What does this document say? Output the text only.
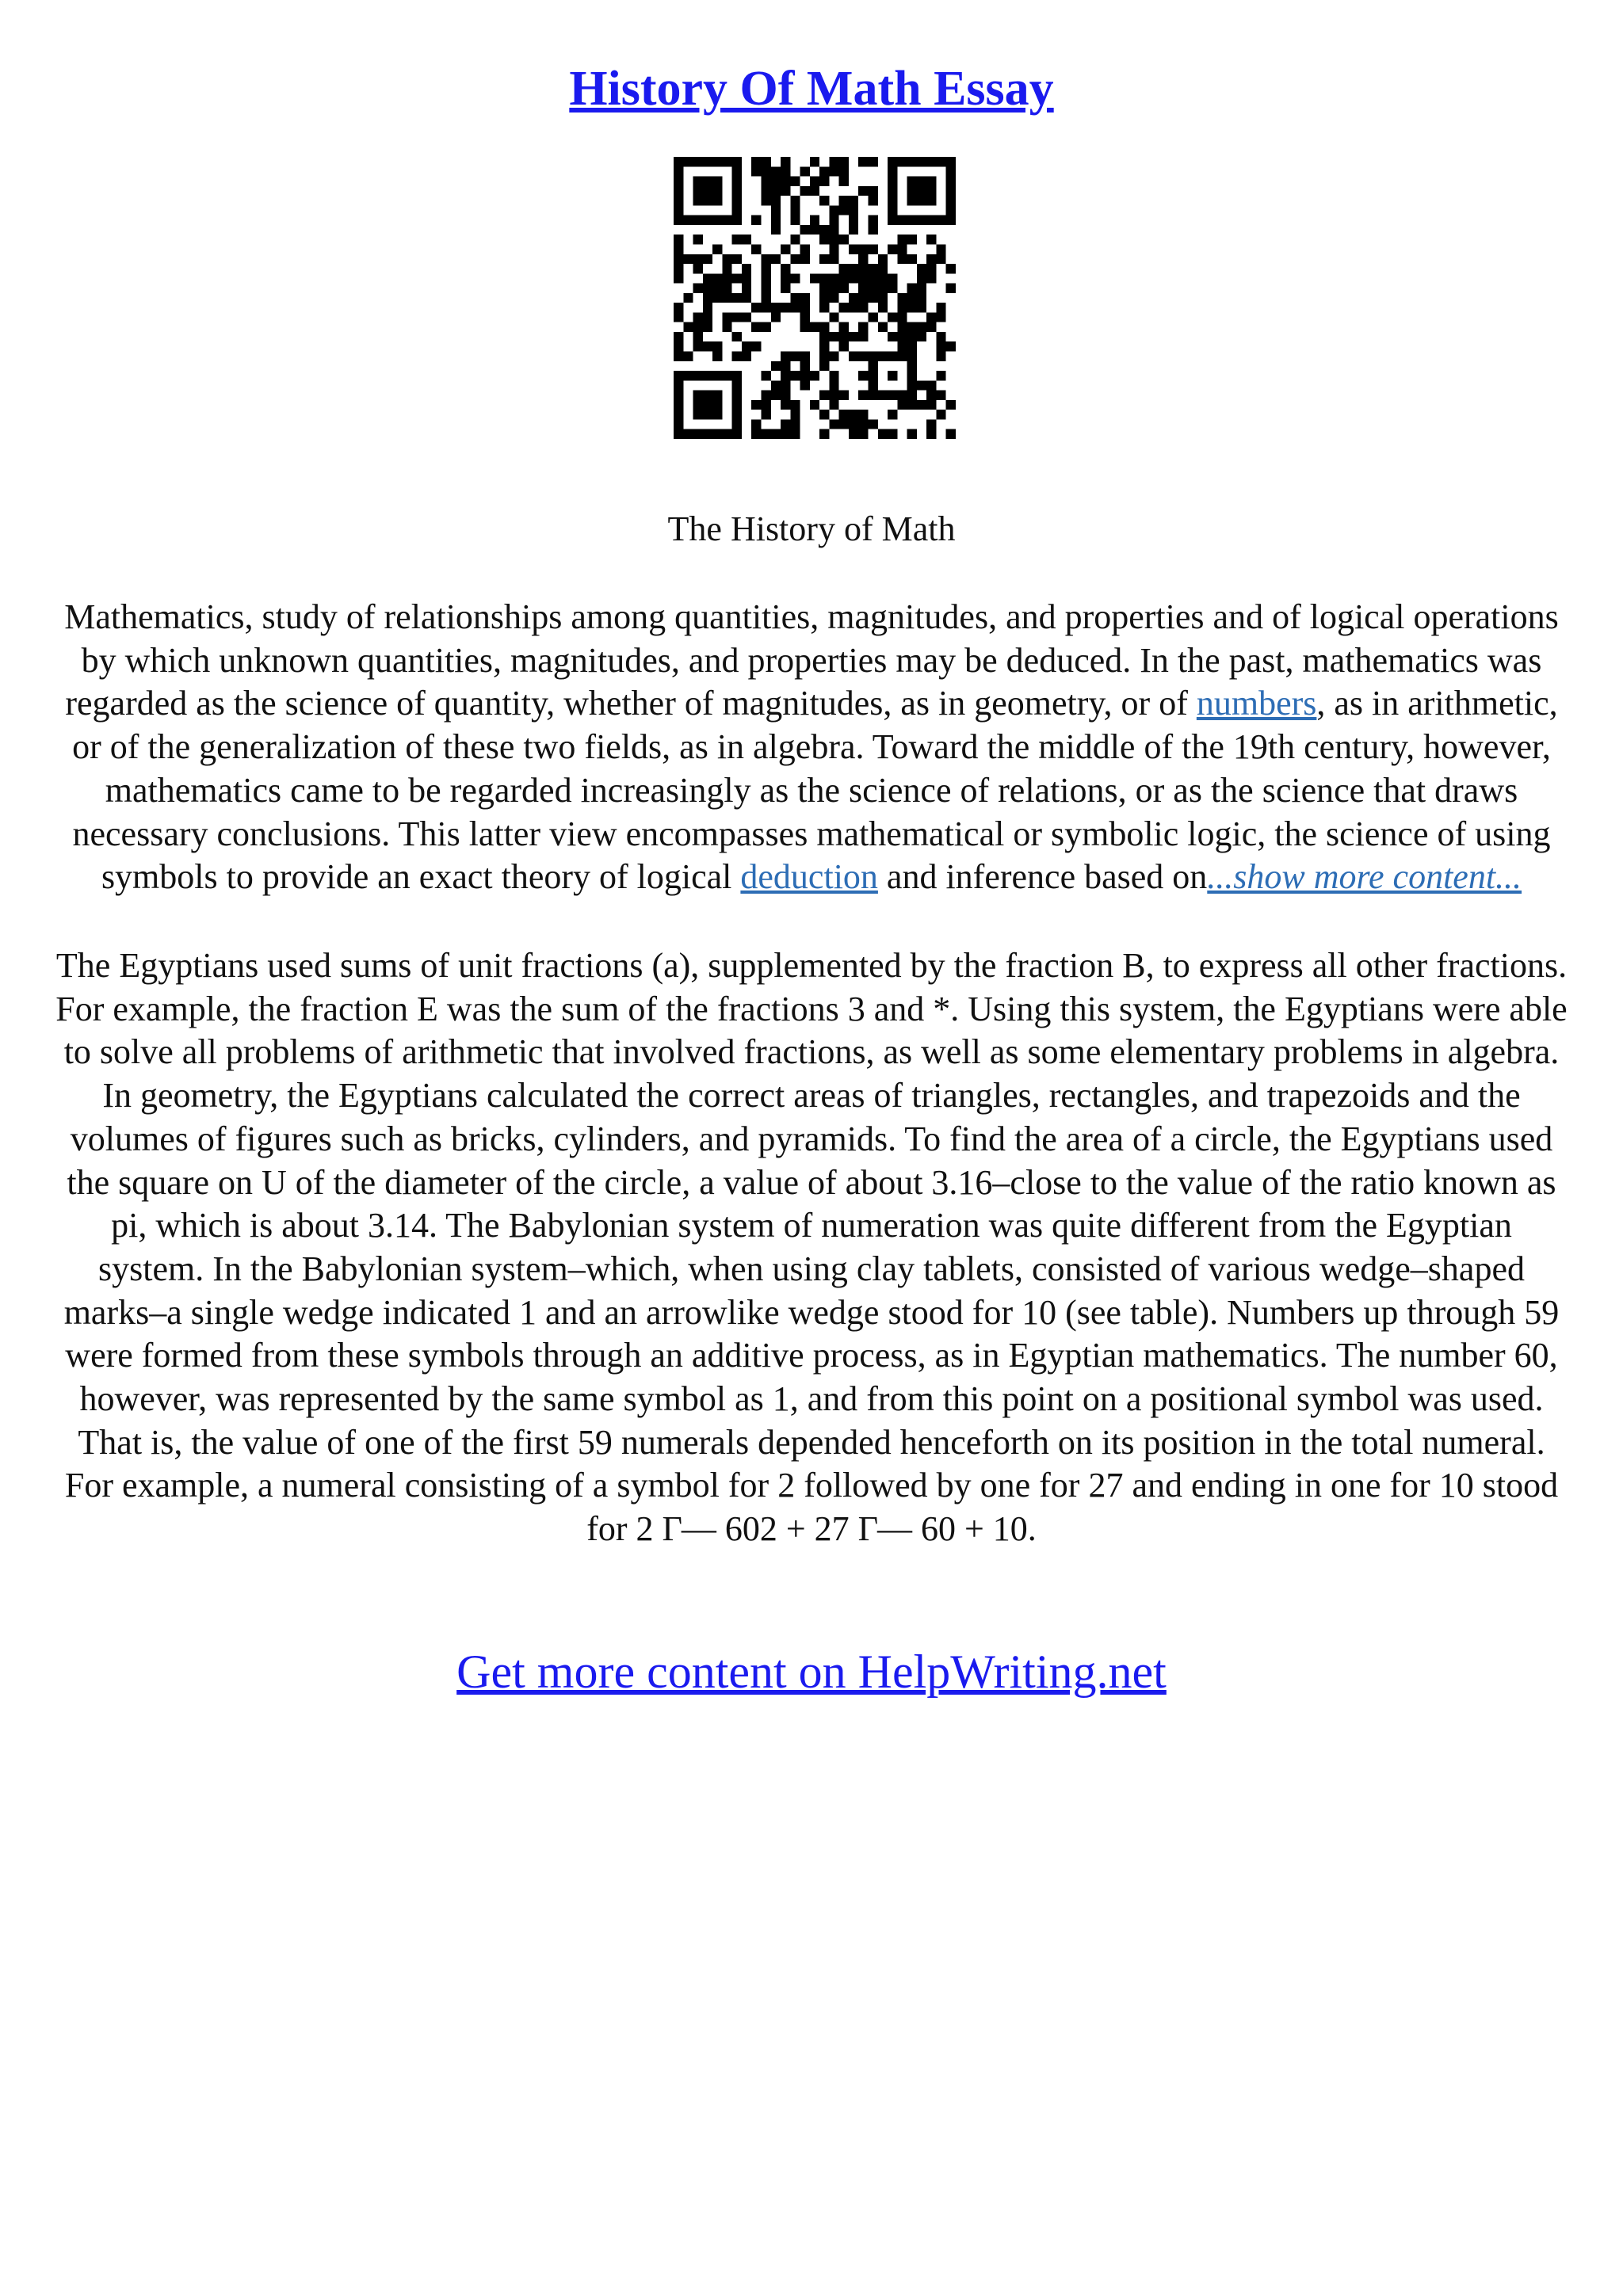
History Of Math Essay
The History of Math

Mathematics, study of relationships among quantities, magnitudes, and properties and of logical operations by which unknown quantities, magnitudes, and properties may be deduced. In the past, mathematics was regarded as the science of quantity, whether of magnitudes, as in geometry, or of numbers, as in arithmetic, or of the generalization of these two fields, as in algebra. Toward the middle of the 19th century, however, mathematics came to be regarded increasingly as the science of relations, or as the science that draws necessary conclusions. This latter view encompasses mathematical or symbolic logic, the science of using symbols to provide an exact theory of logical deduction and inference based on...show more content...

The Egyptians used sums of unit fractions (a), supplemented by the fraction B, to express all other fractions. For example, the fraction E was the sum of the fractions 3 and *. Using this system, the Egyptians were able to solve all problems of arithmetic that involved fractions, as well as some elementary problems in algebra. In geometry, the Egyptians calculated the correct areas of triangles, rectangles, and trapezoids and the volumes of figures such as bricks, cylinders, and pyramids. To find the area of a circle, the Egyptians used the square on U of the diameter of the circle, a value of about 3.16–close to the value of the ratio known as pi, which is about 3.14. The Babylonian system of numeration was quite different from the Egyptian system. In the Babylonian system–which, when using clay tablets, consisted of various wedge–shaped marks–a single wedge indicated 1 and an arrowlike wedge stood for 10 (see table). Numbers up through 59 were formed from these symbols through an additive process, as in Egyptian mathematics. The number 60, however, was represented by the same symbol as 1, and from this point on a positional symbol was used. That is, the value of one of the first 59 numerals depended henceforth on its position in the total numeral. For example, a numeral consisting of a symbol for 2 followed by one for 27 and ending in one for 10 stood for 2 Г— 602 + 27 Г— 60 + 10.

Get more content on HelpWriting.net
